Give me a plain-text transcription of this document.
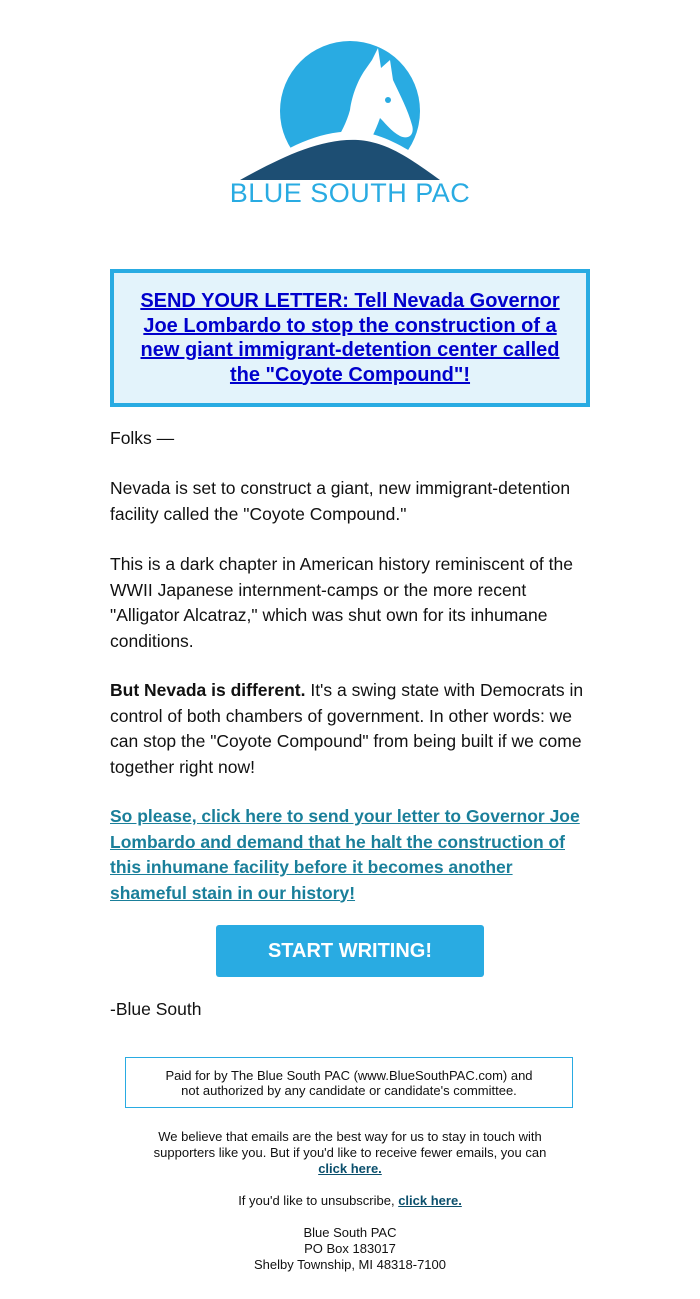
BLUE SOUTH PAC
SEND YOUR LETTER: Tell Nevada Governor Joe Lombardo to stop the construction of a new giant immigrant-detention center called the "Coyote Compound"!

Folks —

Nevada is set to construct a giant, new immigrant-detention facility called the "Coyote Compound."

This is a dark chapter in American history reminiscent of the WWII Japanese internment-camps or the more recent "Alligator Alcatraz," which was shut own for its inhumane conditions.

But Nevada is different. It's a swing state with Democrats in control of both chambers of government. In other words: we can stop the "Coyote Compound" from being built if we come together right now!

So please, click here to send your letter to Governor Joe Lombardo and demand that he halt the construction of this inhumane facility before it becomes another shameful stain in our history!

START WRITING!

-Blue South

Paid for by The Blue South PAC (www.BlueSouthPAC.com) and
not authorized by any candidate or candidate's committee.

We believe that emails are the best way for us to stay in touch with supporters like you. But if you'd like to receive fewer emails, you can
click here.

If you'd like to unsubscribe, click here.

Blue South PAC
PO Box 183017
Shelby Township, MI 48318-7100
